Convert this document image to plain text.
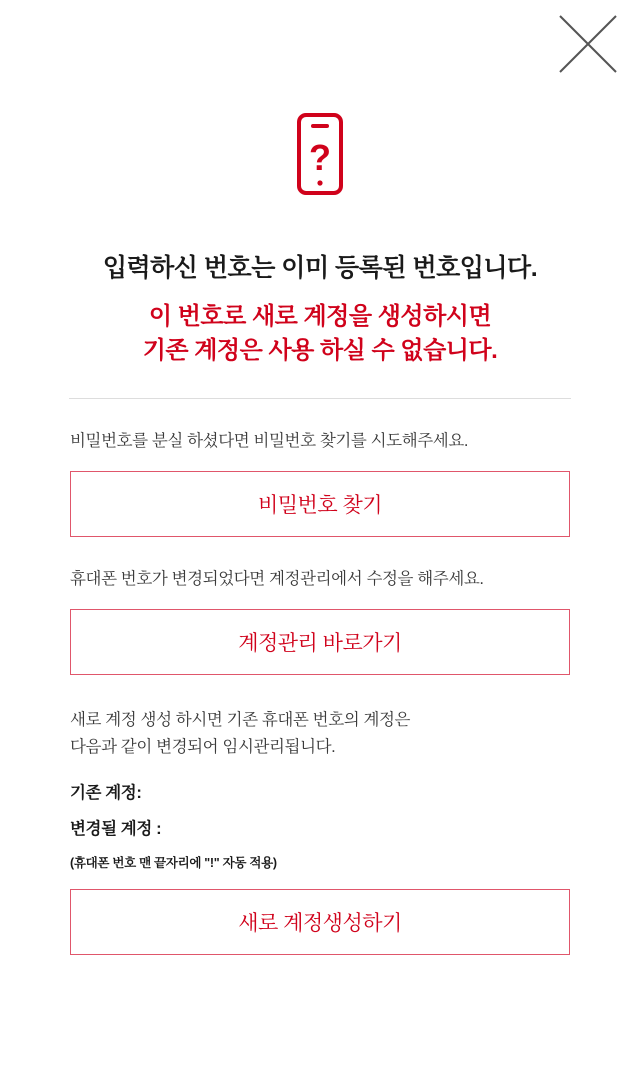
?
입력하신 번호는 이미 등록된 번호입니다.
이 번호로 새로 계정을 생성하시면
기존 계정은 사용 하실 수 없습니다.

비밀번호를 분실 하셨다면 비밀번호 찾기를 시도해주세요.

비밀번호 찾기

휴대폰 번호가 변경되었다면 계정관리에서 수정을 해주세요.

계정관리 바로가기

새로 계정 생성 하시면 기존 휴대폰 번호의 계정은
다음과 같이 변경되어 임시관리됩니다.

기존 계정:
변경될 계정 :
(휴대폰 번호 맨 끝자리에 "!" 자동 적용)
새로 계정생성하기
